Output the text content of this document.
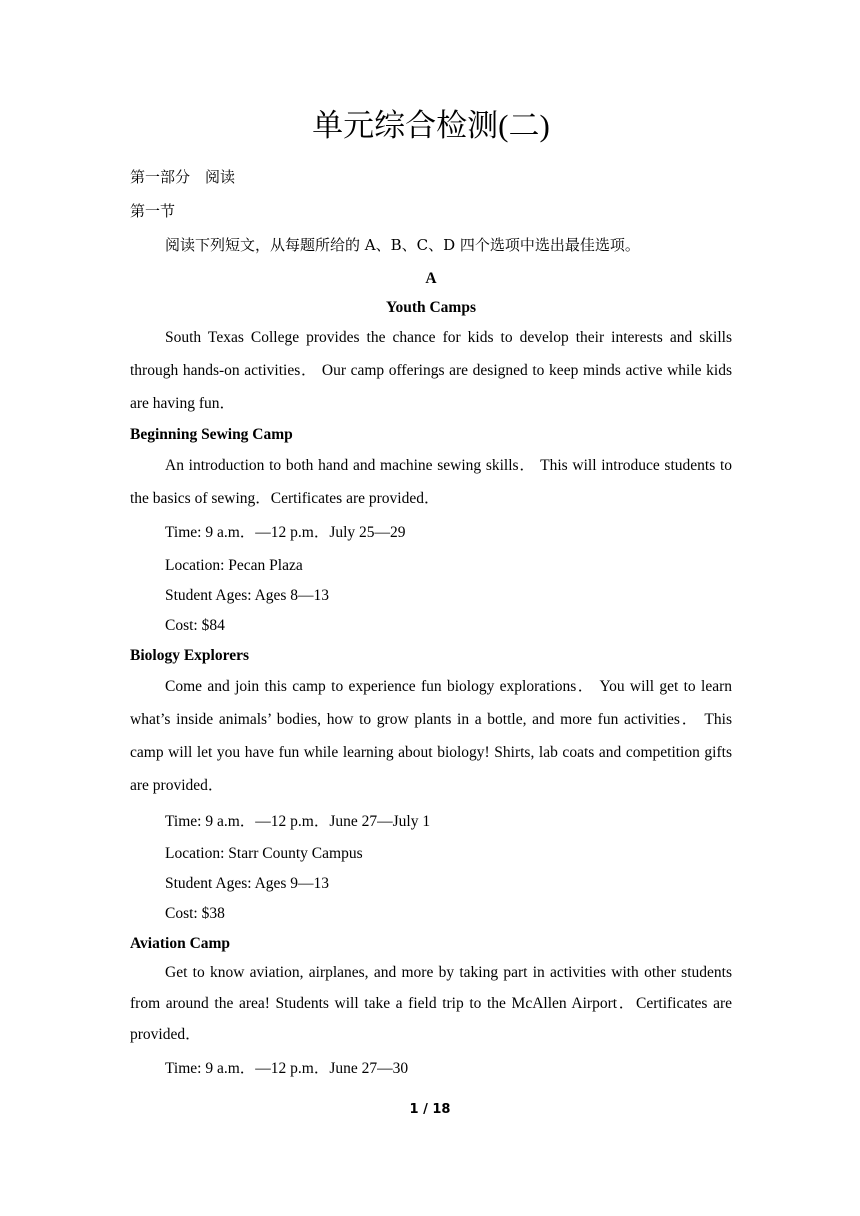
单元综合检测(二)
第一部分　阅读
第一节
阅读下列短文，从每题所给的 A、B、C、D 四个选项中选出最佳选项。
A
Youth Camps
South Texas College provides the chance for kids to develop their interests and skills through hands-on activities． Our camp offerings are designed to keep minds active while kids are having fun．
Beginning Sewing Camp
An introduction to both hand and machine sewing skills． This will introduce students to the basics of sewing．Certificates are provided．
Time: 9 a.m．—12 p.m．July 25—29
Location: Pecan Plaza
Student Ages: Ages 8—13
Cost: $84
Biology Explorers
Come and join this camp to experience fun biology explorations． You will get to learn what’s inside animals’ bodies, how to grow plants in a bottle, and more fun activities． This camp will let you have fun while learning about biology! Shirts, lab coats and competition gifts are provided．
Time: 9 a.m．—12 p.m．June 27—July 1
Location: Starr County Campus
Student Ages: Ages 9—13
Cost: $38
Aviation Camp
Get to know aviation, airplanes, and more by taking part in activities with other students from around the area! Students will take a field trip to the McAllen Airport．Certificates are provided．
Time: 9 a.m．—12 p.m．June 27—30
1 / 18
